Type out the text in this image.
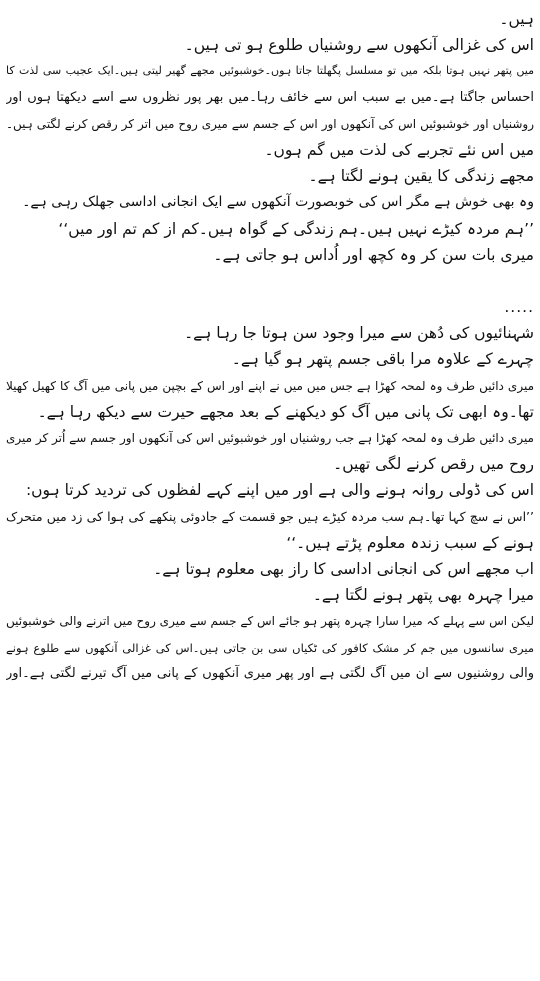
ہیں۔
اس کی غزالی آنکھوں سے روشنیاں طلوع ہو تی ہیں۔
میں پتھر نہیں ہوتا بلکہ میں تو مسلسل پگھلتا جاتا ہوں۔خوشبوئیں مجھے گھیر لیتی ہیں۔ایک عجیب سی لذت کا
احساس جاگتا ہے۔میں بے سبب اس سے خائف رہا۔میں بھر پور نظروں سے اسے دیکھتا ہوں اور
روشنیاں اور خوشبوئیں اس کی آنکھوں اور اس کے جسم سے میری روح میں اتر کر رقص کرنے لگتی ہیں۔
میں اس نئے تجربے کی لذت میں گم ہوں۔
مجھے زندگی کا یقین ہونے لگتا ہے۔
وہ بھی خوش ہے مگر اس کی خوبصورت آنکھوں سے ایک انجانی اداسی جھلک رہی ہے۔
’’ہم مردہ کیڑے نہیں ہیں۔ہم زندگی کے گواہ ہیں۔کم از کم تم اور میں‘‘
میری بات سن کر وہ کچھ اور اُداس ہو جاتی ہے۔
.....
شہنائیوں کی دُھن سے میرا وجود سن ہوتا جا رہا ہے۔
چہرے کے علاوہ مرا باقی جسم پتھر ہو گیا ہے۔
میری دائیں طرف وہ لمحہ کھڑا ہے جس میں میں نے اپنے اور اس کے بچپن میں پانی میں آگ کا کھیل کھیلا
تھا۔وہ ابھی تک پانی میں آگ کو دیکھنے کے بعد مجھے حیرت سے دیکھ رہا ہے۔
میری دائیں طرف وہ لمحہ کھڑا ہے جب روشنیاں اور خوشبوئیں اس کی آنکھوں اور جسم سے اُتر کر میری
روح میں رقص کرنے لگی تھیں۔
اس کی ڈولی روانہ ہونے والی ہے اور میں اپنے کہے لفظوں کی تردید کرتا ہوں:
’’اس نے سچ کہا تھا۔ہم سب مردہ کیڑے ہیں جو قسمت کے جادوئی پنکھے کی ہوا کی زد میں متحرک
ہونے کے سبب زندہ معلوم پڑتے ہیں۔‘‘
اب مجھے اس کی انجانی اداسی کا راز بھی معلوم ہوتا ہے۔
میرا چہرہ بھی پتھر ہونے لگتا ہے۔
لیکن اس سے پہلے کہ میرا سارا چہرہ پتھر ہو جائے اس کے جسم سے میری روح میں اترنے والی خوشبوئیں
میری سانسوں میں جم کر مشک کافور کی ٹکیاں سی بن جاتی ہیں۔اس کی غزالی آنکھوں سے طلوع ہونے
والی روشنیوں سے ان میں آگ لگتی ہے اور پھر میری آنکھوں کے پانی میں آگ تیرنے لگتی ہے۔اور
